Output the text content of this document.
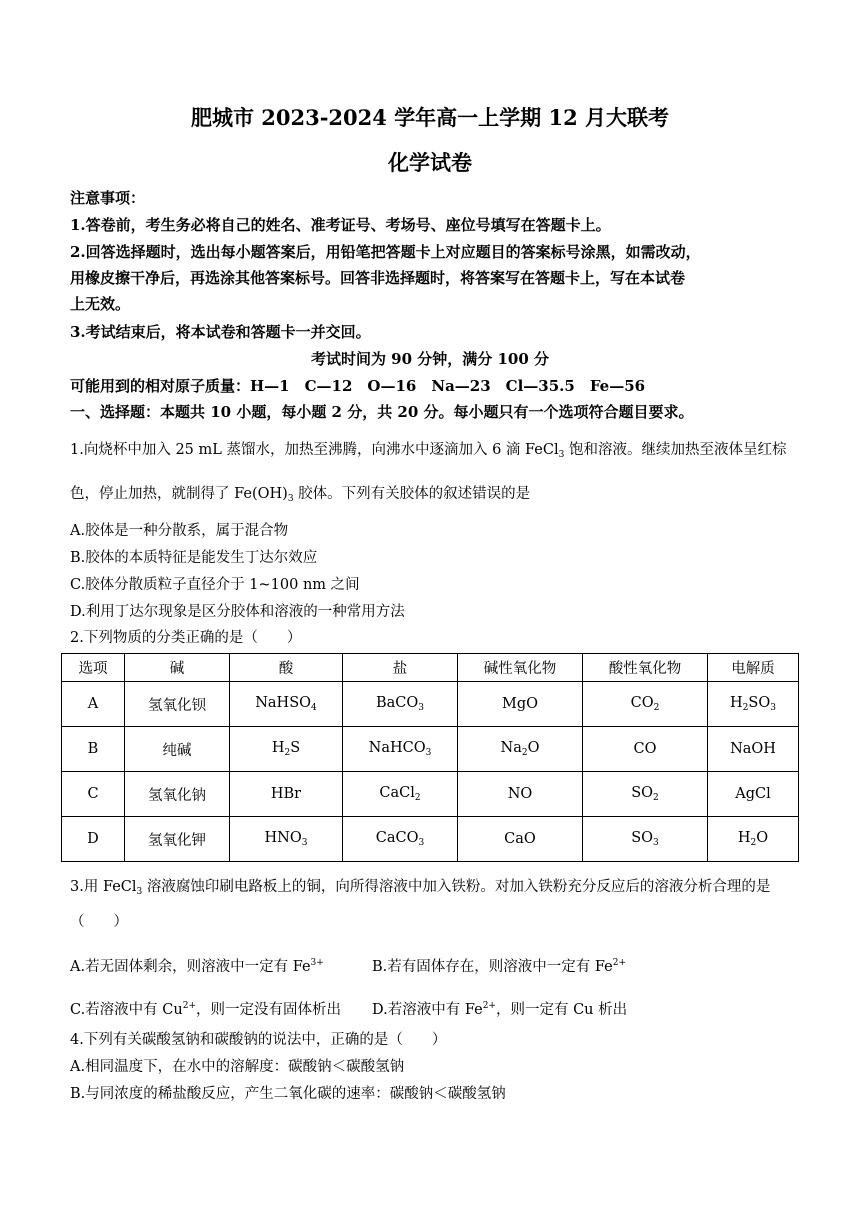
肥城市 2023-2024 学年高一上学期 12 月大联考
化学试卷
注意事项：
1.答卷前，考生务必将自己的姓名、准考证号、考场号、座位号填写在答题卡上。
2.回答选择题时，选出每小题答案后，用铅笔把答题卡上对应题目的答案标号涂黑，如需改动，
用橡皮擦干净后，再选涂其他答案标号。回答非选择题时，将答案写在答题卡上，写在本试卷
上无效。
3.考试结束后，将本试卷和答题卡一并交回。
考试时间为 90 分钟，满分 100 分
可能用到的相对原子质量：H—1　C—12　O—16　Na—23　Cl—35.5　Fe—56
一、选择题：本题共 10 小题，每小题 2 分，共 20 分。每小题只有一个选项符合题目要求。
1.向烧杯中加入 25 mL 蒸馏水，加热至沸腾，向沸水中逐滴加入 6 滴 FeCl$_3$ 饱和溶液。继续加热至液体呈红棕
色，停止加热，就制得了 $Fe(OH)_3$ 胶体。下列有关胶体的叙述错误的是
A.胶体是一种分散系，属于混合物
B.胶体的本质特征是能发生丁达尔效应
C.胶体分散质粒子直径介于 1~100 nm 之间
D.利用丁达尔现象是区分胶体和溶液的一种常用方法
2.下列物质的分类正确的是（　　）
选项	碱	酸	盐	碱性氧化物	酸性氧化物	电解质
A	氢氧化钡	NaHSO$_4$	BaCO$_3$	MgO	$CO_2$	$H_2SO_3$
B	纯碱	$H_2S$	NaHCO$_3$	$Na_2O$	CO	NaOH
C	氢氧化钠	HBr	CaCl$_2$	NO	$SO_2$	AgCl
D	氢氧化钾	$HNO_3$	CaCO$_3$	CaO	$SO_3$	$H_2O$
3.用 FeCl$_3$ 溶液腐蚀印刷电路板上的铜，向所得溶液中加入铁粉。对加入铁粉充分反应后的溶液分析合理的是
（　　）
A.若无固体剩余，则溶液中一定有 $Fe^{3+}$	B.若有固体存在，则溶液中一定有 $Fe^{2+}$
C.若溶液中有 $Cu^{2+}$，则一定没有固体析出 D.若溶液中有 $Fe^{2+}$，则一定有 Cu 析出
4.下列有关碳酸氢钠和碳酸钠的说法中，正确的是（　　）
A.相同温度下，在水中的溶解度：碳酸钠＜碳酸氢钠
B.与同浓度的稀盐酸反应，产生二氧化碳的速率：碳酸钠＜碳酸氢钠
